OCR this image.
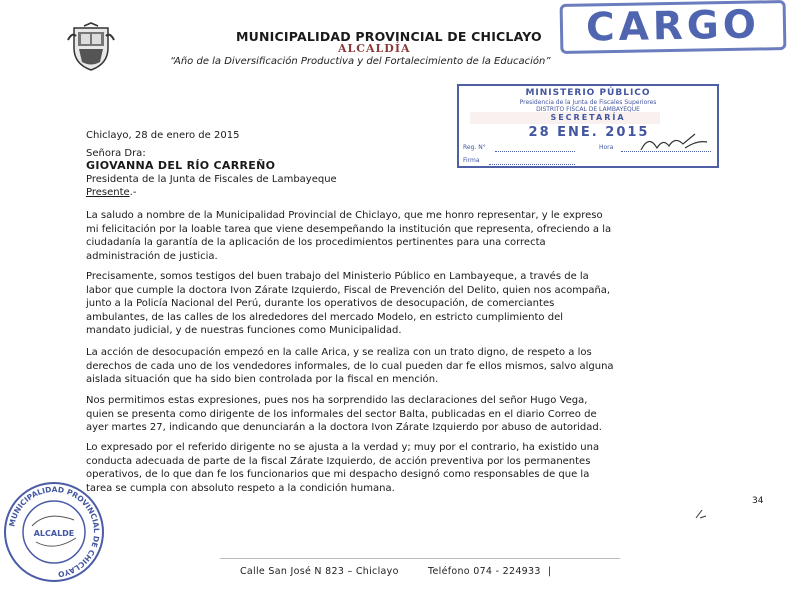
MUNICIPALIDAD PROVINCIAL DE CHICLAYO
ALCALDÍA
“Año de la Diversificación Productiva y del Fortalecimiento de la Educación”
CARGO
MINISTERIO PÚBLICO
Presidencia de la Junta de Fiscales Superiores
DISTRITO FISCAL DE LAMBAYEQUE
SECRETARÍA
28 ENE. 2015
Reg. N°	Hora
Firma
Chiclayo, 28 de enero de 2015
Señora Dra:
GIOVANNA DEL RÍO CARREÑO
Presidenta de la Junta de Fiscales de Lambayeque
Presente.-
La saludo a nombre de la Municipalidad Provincial de Chiclayo, que me honro representar, y le expreso
mi felicitación por la loable tarea que viene desempeñando la institución que representa, ofreciendo a la
ciudadanía la garantía de la aplicación de los procedimientos pertinentes para una correcta
administración de justicia.
Precisamente, somos testigos del buen trabajo del Ministerio Público en Lambayeque, a través de la
labor que cumple la doctora Ivon Zárate Izquierdo, Fiscal de Prevención del Delito, quien nos acompaña,
junto a la Policía Nacional del Perú, durante los operativos de desocupación, de comerciantes
ambulantes, de las calles de los alrededores del mercado Modelo, en estricto cumplimiento del
mandato judicial, y de nuestras funciones como Municipalidad.
La acción de desocupación empezó en la calle Arica, y se realiza con un trato digno, de respeto a los
derechos de cada uno de los vendedores informales, de lo cual pueden dar fe ellos mismos, salvo alguna
aislada situación que ha sido bien controlada por la fiscal en mención.
Nos permitimos estas expresiones, pues nos ha sorprendido las declaraciones del señor Hugo Vega,
quien se presenta como dirigente de los informales del sector Balta, publicadas en el diario Correo de
ayer martes 27, indicando que denunciarán a la doctora Ivon Zárate Izquierdo por abuso de autoridad.
Lo expresado por el referido dirigente no se ajusta a la verdad y; muy por el contrario, ha existido una
conducta adecuada de parte de la fiscal Zárate Izquierdo, de acción preventiva por los permanentes
operativos, de lo que dan fe los funcionarios que mi despacho designó como responsables de que la
tarea se cumpla con absoluto respeto a la condición humana.
34
MUNICIPALIDAD PROVINCIAL DE CHICLAYO
ALCALDE
Calle San José N 823 – Chiclayo	Teléfono 074 - 224933 |
